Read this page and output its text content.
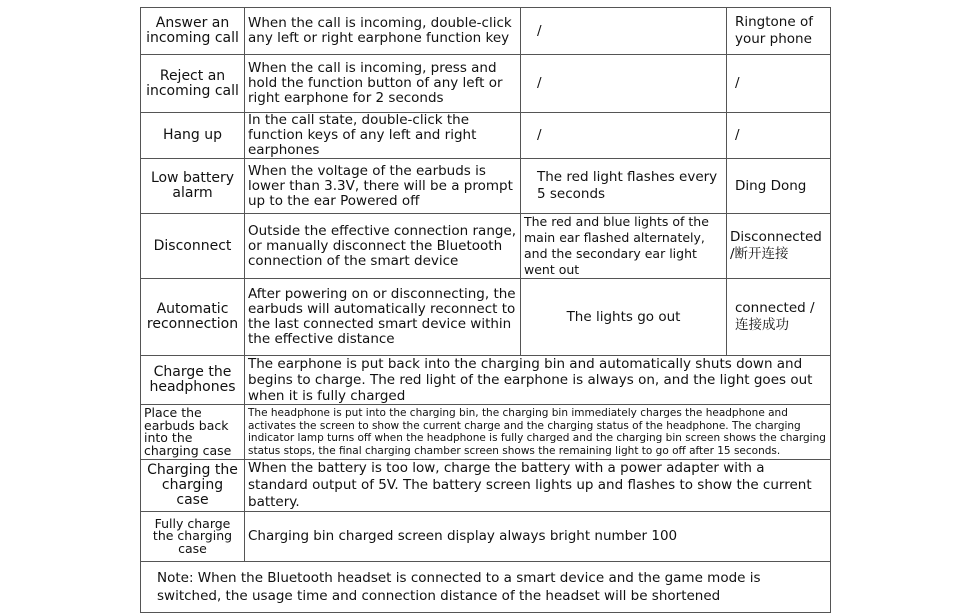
Answer an incoming call	When the call is incoming, double-click any left or right earphone function key	/	Ringtone of your phone
Reject an incoming call	When the call is incoming, press and hold the function button of any left or right earphone for 2 seconds	/	/
Hang up	In the call state, double-click the function keys of any left and right earphones	/	/
Low battery alarm	When the voltage of the earbuds is lower than 3.3V, there will be a prompt up to the ear Powered off	The red light flashes every 5 seconds	Ding Dong
Disconnect	Outside the effective connection range, or manually disconnect the Bluetooth connection of the smart device	The red and blue lights of the main ear flashed alternately, and the secondary ear light went out	Disconnected /断开连接
Automatic reconnection	After powering on or disconnecting, the earbuds will automatically reconnect to the last connected smart device within the effective distance	The lights go out	connected /连接成功
Charge the headphones	The earphone is put back into the charging bin and automatically shuts down and begins to charge. The red light of the earphone is always on, and the light goes out when it is fully charged		
Place the earbuds back into the charging case	The headphone is put into the charging bin, the charging bin immediately charges the headphone and activates the screen to show the current charge and the charging status of the headphone. The charging indicator lamp turns off when the headphone is fully charged and the charging bin screen shows the charging status stops, the final charging chamber screen shows the remaining light to go off after 15 seconds.		
Charging the charging case	When the battery is too low, charge the battery with a power adapter with a standard output of 5V. The battery screen lights up and flashes to show the current battery.		
Fully charge the charging case	Charging bin charged screen display always bright number 100		
Note: When the Bluetooth headset is connected to a smart device and the game mode is switched, the usage time and connection distance of the headset will be shortened			
